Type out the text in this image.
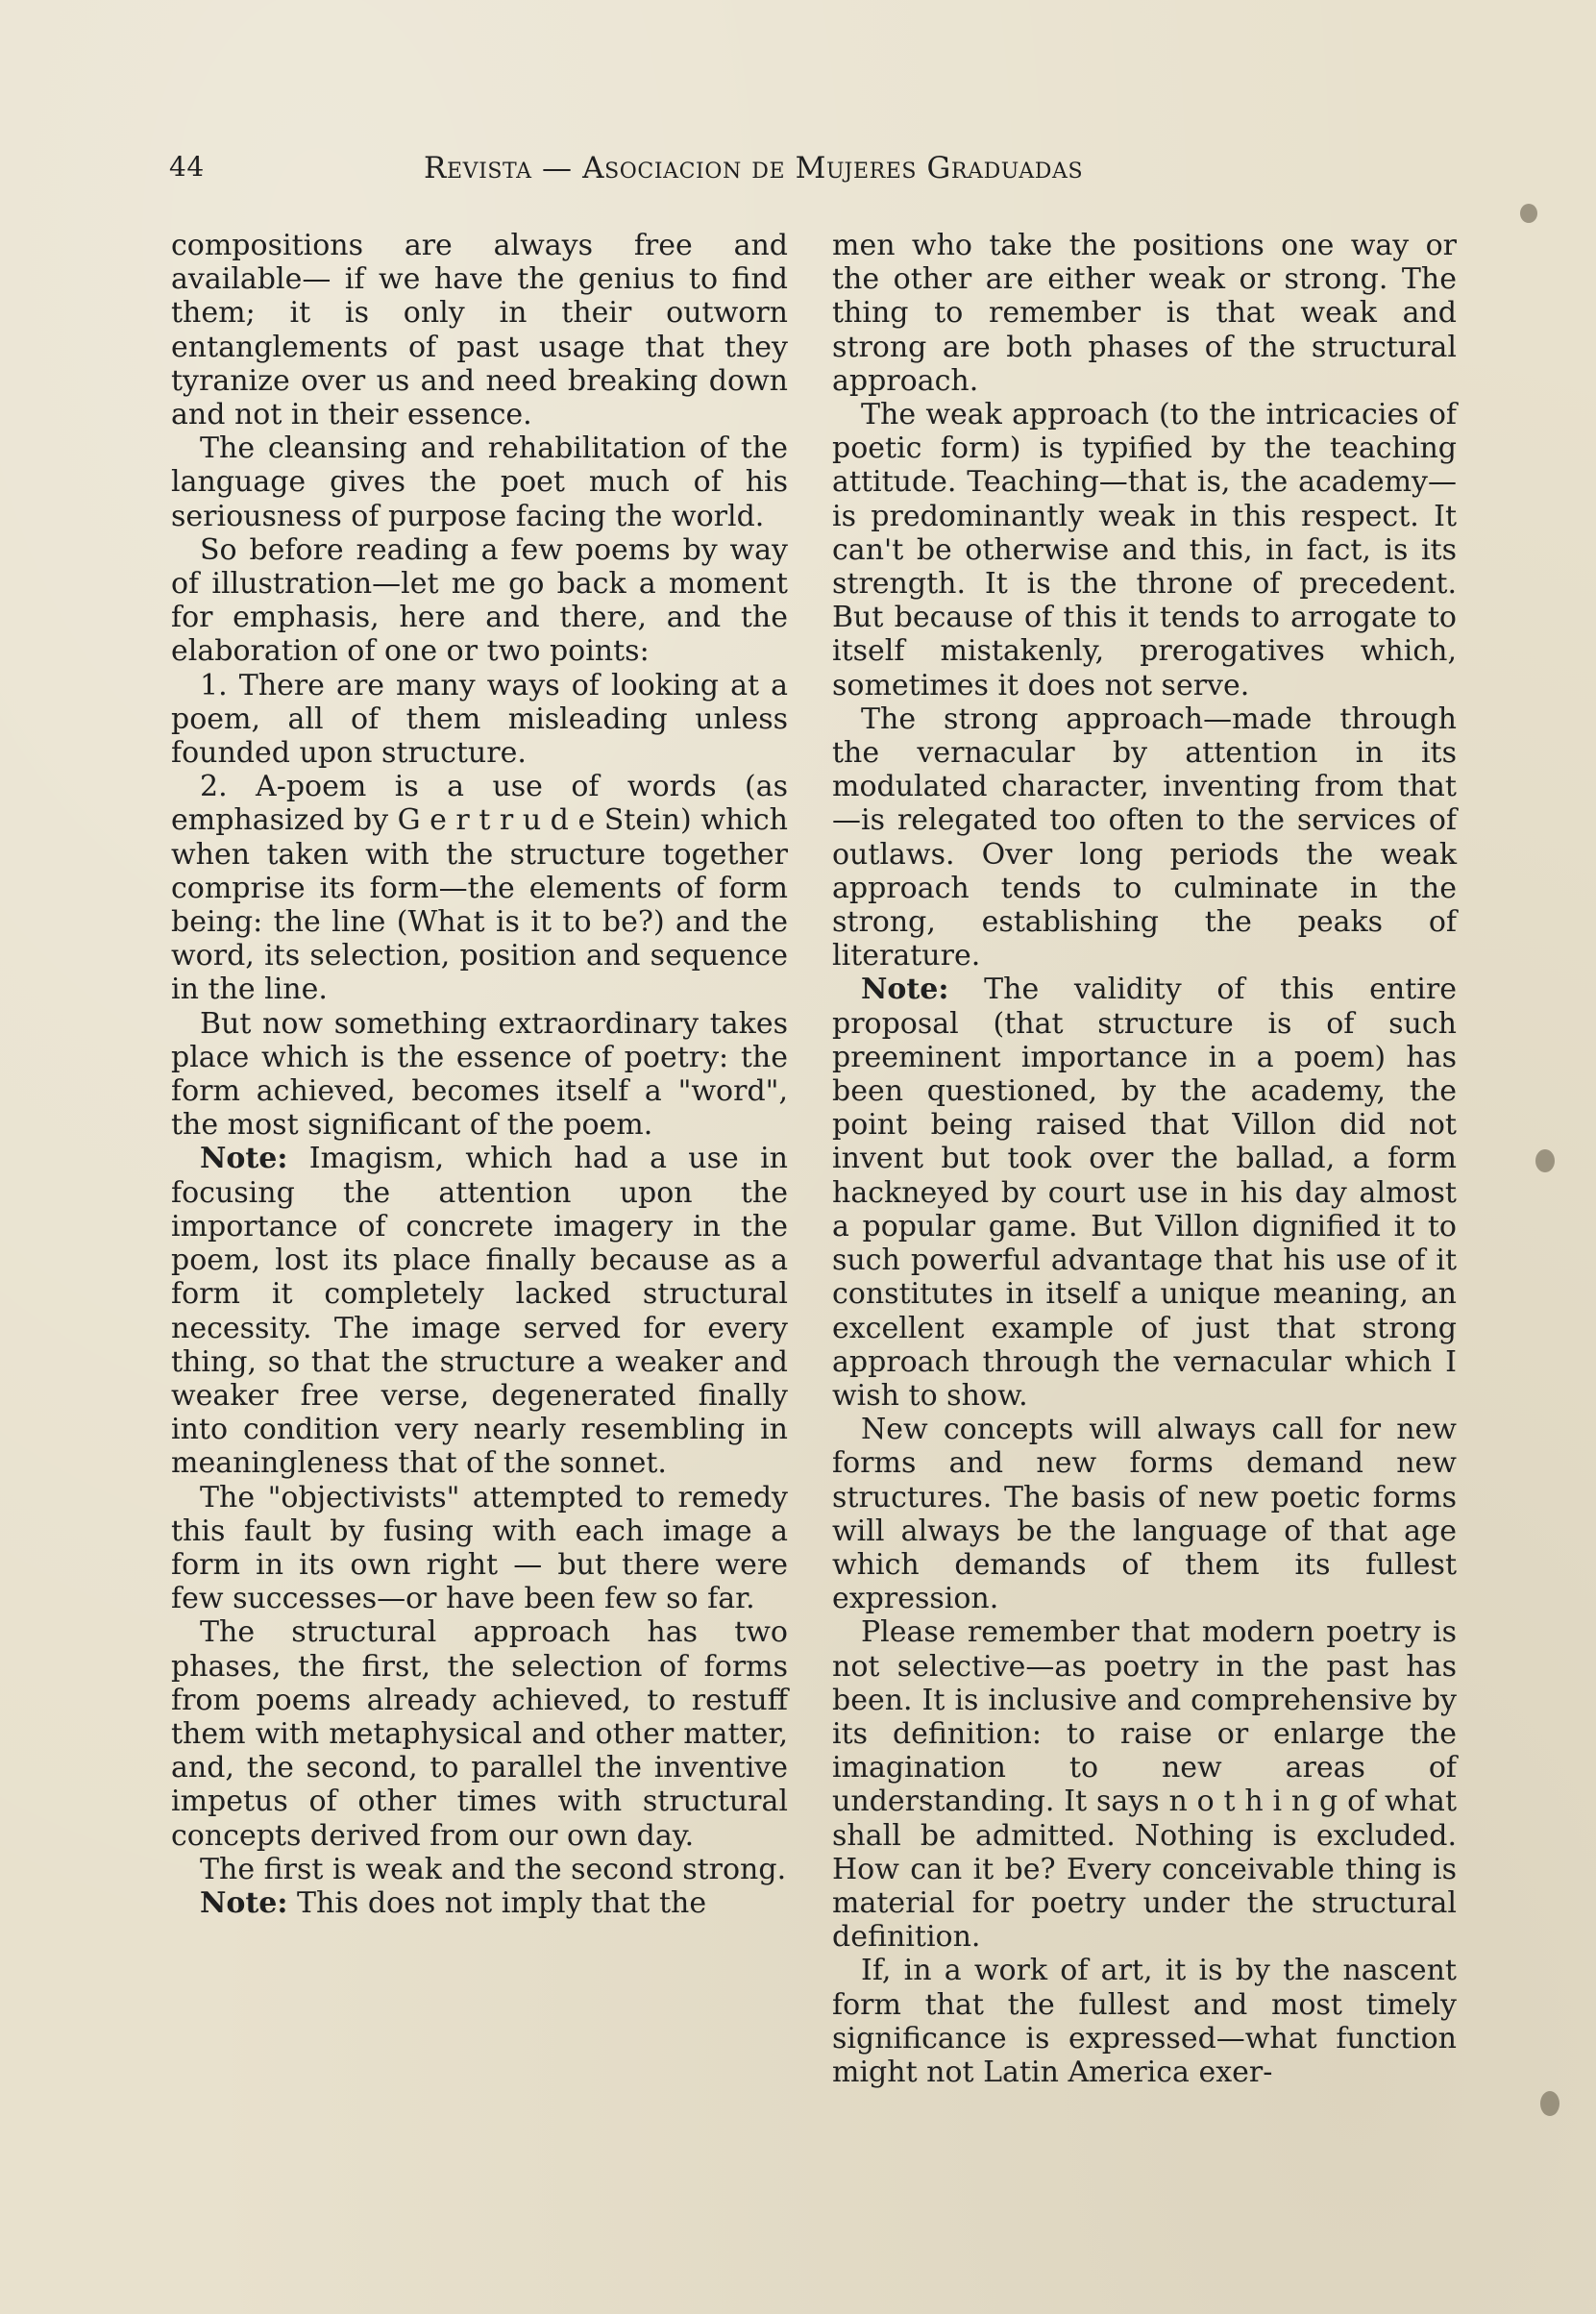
44	Revista — Asociacion de Mujeres Graduadas

compositions are always free and available— if we have the genius to find them; it is only in their outworn entanglements of past usage that they tyranize over us and need breaking down and not in their essence.

The cleansing and rehabilitation of the language gives the poet much of his seriousness of purpose facing the world.

So before reading a few poems by way of illustration—let me go back a moment for emphasis, here and there, and the elaboration of one or two points:

1. There are many ways of looking at a poem, all of them misleading unless founded upon structure.

2. A-poem is a use of words (as emphasized by G e r t r u d e Stein) which when taken with the structure together comprise its form—the elements of form being: the line (What is it to be?) and the word, its selection, position and sequence in the line.

But now something extraordinary takes place which is the essence of poetry: the form achieved, becomes itself a "word", the most significant of the poem.

Note: Imagism, which had a use in focusing the attention upon the importance of concrete imagery in the poem, lost its place finally because as a form it completely lacked structural necessity. The image served for every thing, so that the structure a weaker and weaker free verse, degenerated finally into condition very nearly resembling in meaningleness that of the sonnet.

The "objectivists" attempted to remedy this fault by fusing with each image a form in its own right — but there were few successes—or have been few so far.

The structural approach has two phases, the first, the selection of forms from poems already achieved, to restuff them with metaphysical and other matter, and, the second, to parallel the inventive impetus of other times with structural concepts derived from our own day.

The first is weak and the second strong.

Note: This does not imply that the

men who take the positions one way or the other are either weak or strong. The thing to remember is that weak and strong are both phases of the structural approach.

The weak approach (to the intricacies of poetic form) is typified by the teaching attitude. Teaching—that is, the academy—is predominantly weak in this respect. It can't be otherwise and this, in fact, is its strength. It is the throne of precedent. But because of this it tends to arrogate to itself mistakenly, prerogatives which, sometimes it does not serve.

The strong approach—made through the vernacular by attention in its modulated character, inventing from that—is relegated too often to the services of outlaws. Over long periods the weak approach tends to culminate in the strong, establishing the peaks of literature.

Note: The validity of this entire proposal (that structure is of such preeminent importance in a poem) has been questioned, by the academy, the point being raised that Villon did not invent but took over the ballad, a form hackneyed by court use in his day almost a popular game. But Villon dignified it to such powerful advantage that his use of it constitutes in itself a unique meaning, an excellent example of just that strong approach through the vernacular which I wish to show.

New concepts will always call for new forms and new forms demand new structures. The basis of new poetic forms will always be the language of that age which demands of them its fullest expression.

Please remember that modern poetry is not selective—as poetry in the past has been. It is inclusive and comprehensive by its definition: to raise or enlarge the imagination to new areas of understanding. It says n o t h i n g of what shall be admitted. Nothing is excluded. How can it be? Every conceivable thing is material for poetry under the structural definition.

If, in a work of art, it is by the nascent form that the fullest and most timely significance is expressed—what function might not Latin America exer-
